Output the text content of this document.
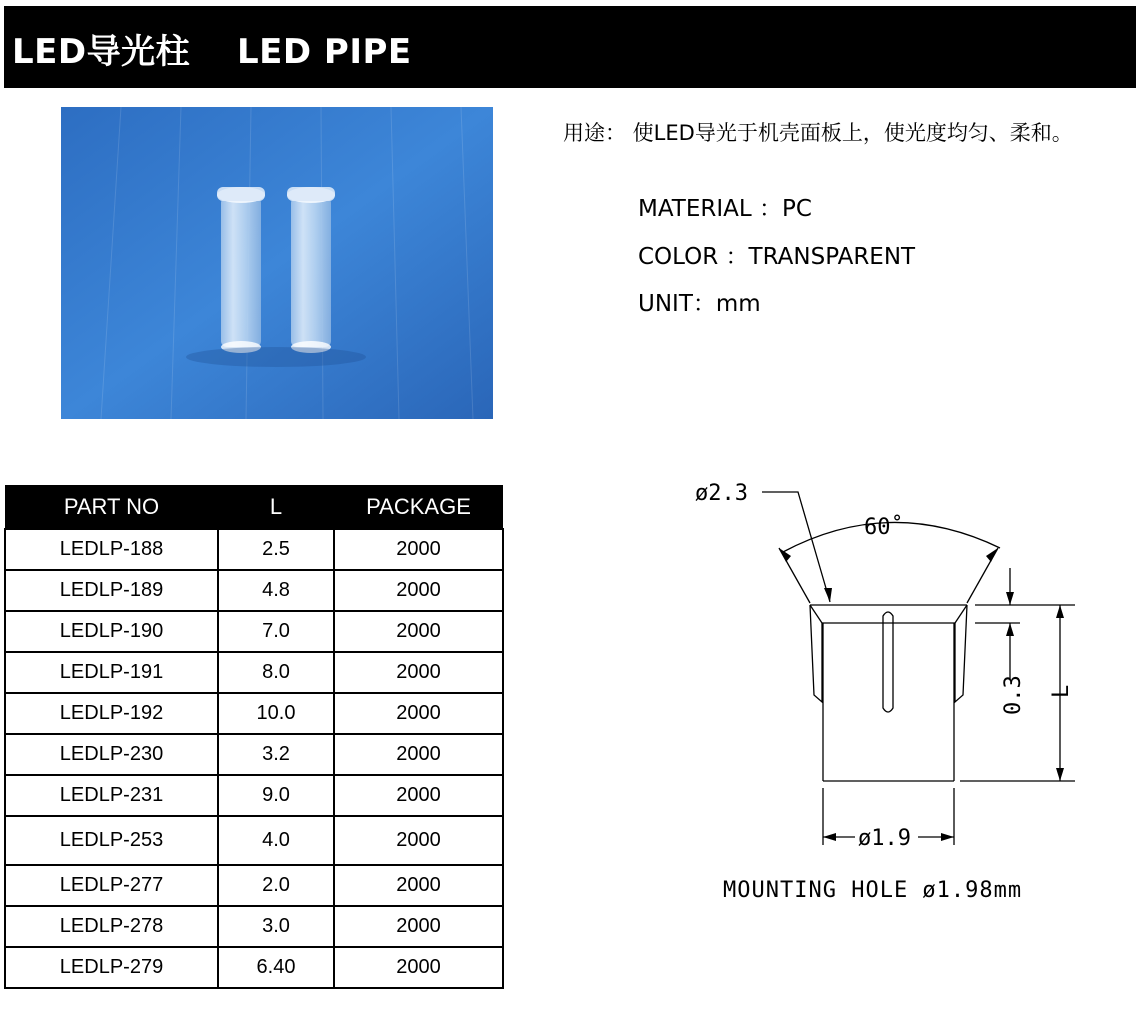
LED导光柱　 LED PIPE
用途： 使LED导光于机壳面板上，使光度均匀、柔和。
MATERIAL ：PC
COLOR ：TRANSPARENT
UNIT：mm
PART NO	L	PACKAGE
LEDLP-188	2.5	2000
LEDLP-189	4.8	2000
LEDLP-190	7.0	2000
LEDLP-191	8.0	2000
LEDLP-192	10.0	2000
LEDLP-230	3.2	2000
LEDLP-231	9.0	2000
LEDLP-253	4.0	2000
LEDLP-277	2.0	2000
LEDLP-278	3.0	2000
LEDLP-279	6.40	2000
ø2.3
60˚
0.3 L
ø1.9
MOUNTING HOLE ø1.98mm
